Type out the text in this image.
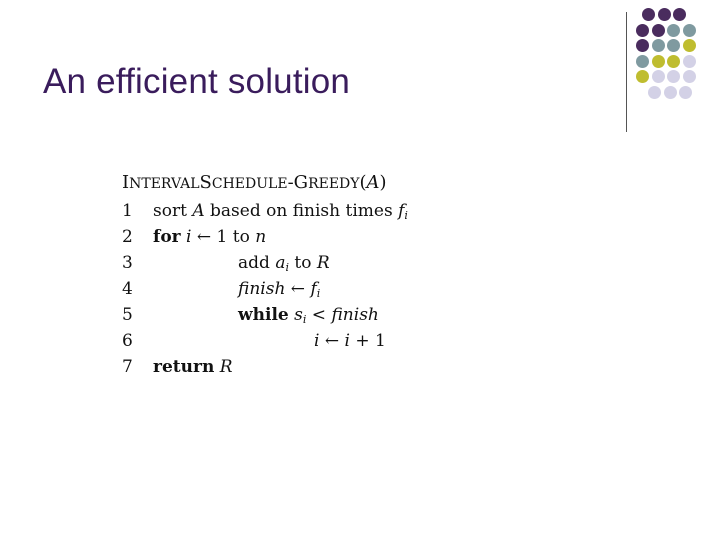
An efficient solution
INTERVALSCHEDULE-GREEDY(A)
1	sort A based on finish times $f_i$
2	for i ← 1 to n
3	add $a_i$ to R
4	finish ← $f_i$
5	while $s_i$ < finish
6	i ← i + 1
7	return R
